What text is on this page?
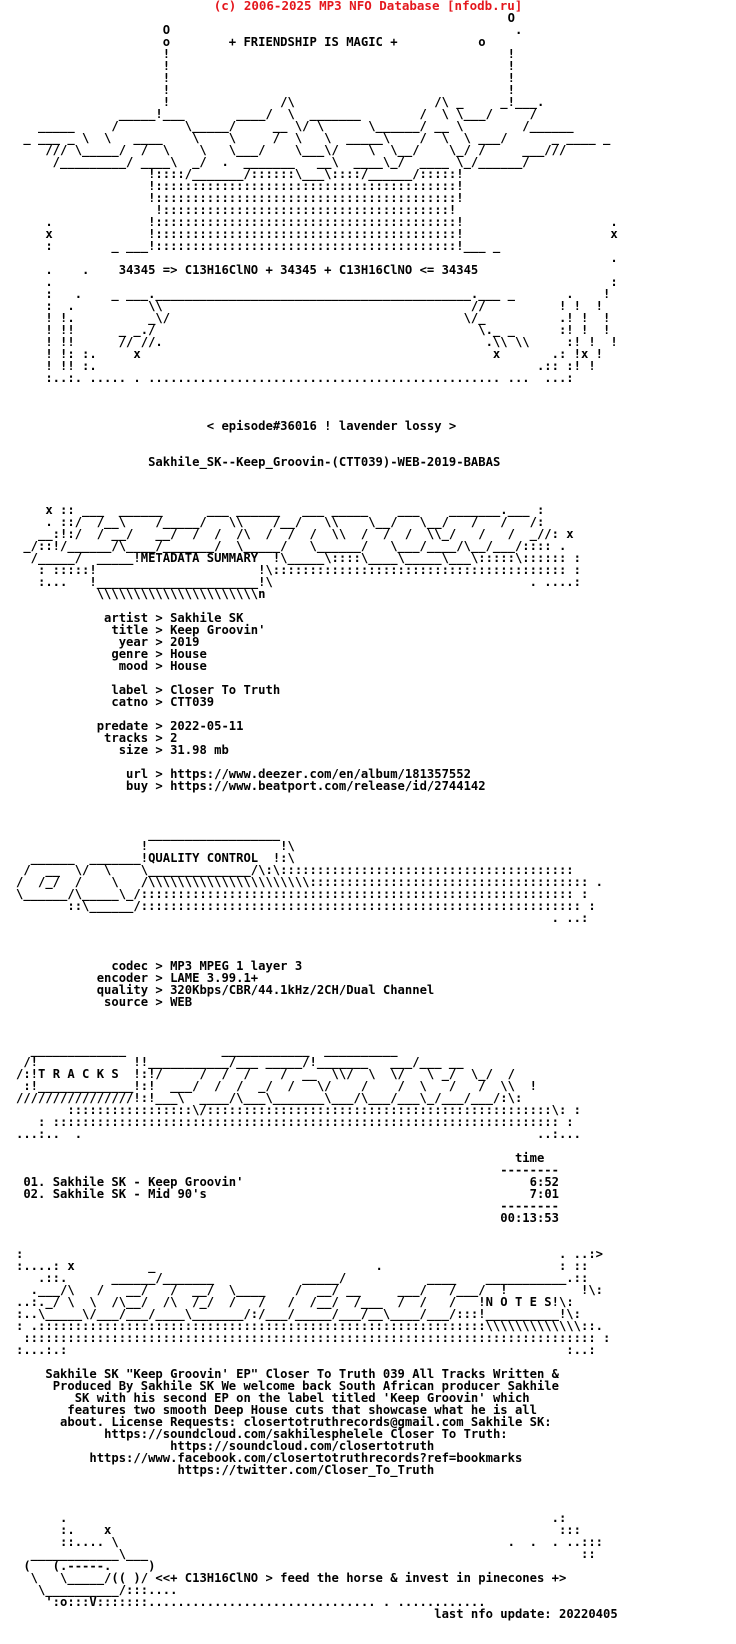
(c) 2006-2025 MP3 NFO Database [nfodb.ru]

O
O                                               .
o        + FRIENDSHIP IS MAGIC +	o
!                                              !
!                                              !
!                                              !
!                                              !
!               /\                   /\ _     _!___.
_____!___       ____/  \  _______        /  \ \___/     /
_____     /         \_____/     __ \/ \      \______/ __ \        /______
_ ___ _ \  \   ____    \    \     /  \   \  _____\    /  \  \ ___/      _ ____ _
/// \_____/  /  \    \   \___/    \___\/    \  \__/    \_/ /     ___///
/_________/ ____\  _/  .  _______   __\  ____\_/  ____ \_/______/
!::::/_______/::::::\___\::::/______/:::::!
!:::::::::::::::::::::::::::::::::::::::::!
!:::::::::::::::::::::::::::::::::::::::::!
!:::::::::::::::::::::::::::::::::::::::!
.             !:::::::::::::::::::::::::::::::::::::::::!                    .
x             !:::::::::::::::::::::::::::::::::::::::::!                    x
:        _ ___!:::::::::::::::::::::::::::::::::::::::::!___ _
.
.    .    34345 => C13H16ClNO + 34345 + C13H16ClNO <= 34345
.                                                                            :
:   .    _ ___.___________________________________________.___ _       .    !
:  .          \\                                          //          ! !  !
! !.          _\/                                        \/_          .! !  !
! !!      _ _./                                            \._ _      :! !  !
! !!      // //.                                            .\\ \\     :! !  !
! !: :.     x                                                x       .: !x !
! !! :.                                                            .:: :! !
:..:. ..... . ................................................ ...  ...:

< episode#36016 ! lavender lossy >

Sakhile_SK--Keep_Groovin-(CTT039)-WEB-2019-BABAS

x :: ___  ______      ___ ______   ___ _____    ___    _______.___ :
. ::/  /__\    /_____/   \\    /__/   \\    \__/   \__/   /   /   /:
__:!:/  / __/   __/  /  /  /\  /  /  /  \\  /  /  /  \\_/   /   /  _//: x
_/::!/______/\____/_______/  \_____/   \______/   \___/____/\__/___/:::: .
/_____/  _____!METADATA SUMMARY  !\_____\::::\____\_____\___\:::::\:::::: :
: :::::!                      !\:::::::::::::::::::::::::::::::::::::::: :
:...   !______________________!\                                   . ....:
\\\\\\\\\\\\\\\\\\\\\\n

artist > Sakhile SK
title > Keep Groovin'
year > 2019
genre > House
mood > House

label > Closer To Truth
catno > CTT039

predate > 2022-05-11
tracks > 2
size > 31.98 mb

url > https://www.deezer.com/en/album/181357552
buy > https://www.beatport.com/release/id/2744142

__________________
!                  !\
______  _______!QUALITY CONTROL  !:\
/  __  \/  \    \______________/\:\::::::::::::::::::::::::::::::::::::::::
/  /_/  /    \   /\\\\\\\\\\\\\\\\\\\\\\:::::::::::::::::::::::::::::::::::::: .
\______/\_____\_/::::::::::::::::::::::::::::::::::::::::::::::::::::::::::: :
::\______/:::::::::::::::::::::::::::::::::::::::::::::::::::::::::::: :
. ..:

codec > MP3 MPEG 1 layer 3
encoder > LAME 3.99.1+
quality > 320Kbps/CBR/44.1kHz/2CH/Dual Channel
source > WEB

_____________             ____________  __________
/!             !!___________/___ _____/!_______   ___/___ __
/:!T R A C K S  !:!/     /  /  /    /  __  \\/  \  \/   \ _/  \_/  /
:!_____________!:!  ___/  /  /  _/  /   \/    /    /  \   /   /  \\  !
////////////////!:!___\  ____/\___\_______\___/\___/___\_/___/___/:\:
:::::::::::::::::\/:::::::::::::::::::::::::::::::::::::::::::::::\: :
: ::::::::::::::::::::::::::::::::::::::::::::::::::::::::::::::::::::: :
...:..  .                                                              ..:...

time
--------
01. Sakhile SK - Keep Groovin'	6:52
02. Sakhile SK - Mid 90's	7:01
--------
00:13:53

:                                                                         . ..:>
:....: x          _                              .                        : ::
.::.      ______/_______            _____/           ____    ___________.::
.___/\   /   __/   /  __/  \____    /  __/ __     ___/   /___/  !          !\:
..:._/ \  \  /\__/  /\  /_/  /   /   /  /__/  /___  /  /   /   !N O T E S!\:
:..\_____\/___/___/____\_______/:/___/_____/___/__\____/___/:::!__________!\:
: .:::::::::::::::::::::::::::::::::::::::::::::::::::::::::::::\\\\\\\\\\\\\::.
:::::::::::::::::::::::::::::::::::::::::::::::::::::::::::::::::::::::::::::: :
:...:.:                                                                    :..:

Sakhile SK "Keep Groovin' EP" Closer To Truth 039 All Tracks Written &
Produced By Sakhile SK We welcome back South African producer Sakhile
SK with his second EP on the label titled 'Keep Groovin' which
features two smooth Deep House cuts that showcase what he is all
about. License Requests: closertotruthrecords@gmail.com Sakhile SK:
https://soundcloud.com/sakhilesphelele Closer To Truth:
https://soundcloud.com/closertotruth
https://www.facebook.com/closertotruthrecords?ref=bookmarks
https://twitter.com/Closer_To_Truth

.                                                                  .:
:.    x                                                             :::
::.... \                                                     .  .  . ..:::
____________\___                                                           ::
(   (.-----.     )
\   \_____/(( )/ <<+ C13H16ClNO > feed the horse & invest in pinecones +>
\__________/:::....
':o:::V:::::::............................... . ............
last nfo update: 20220405
